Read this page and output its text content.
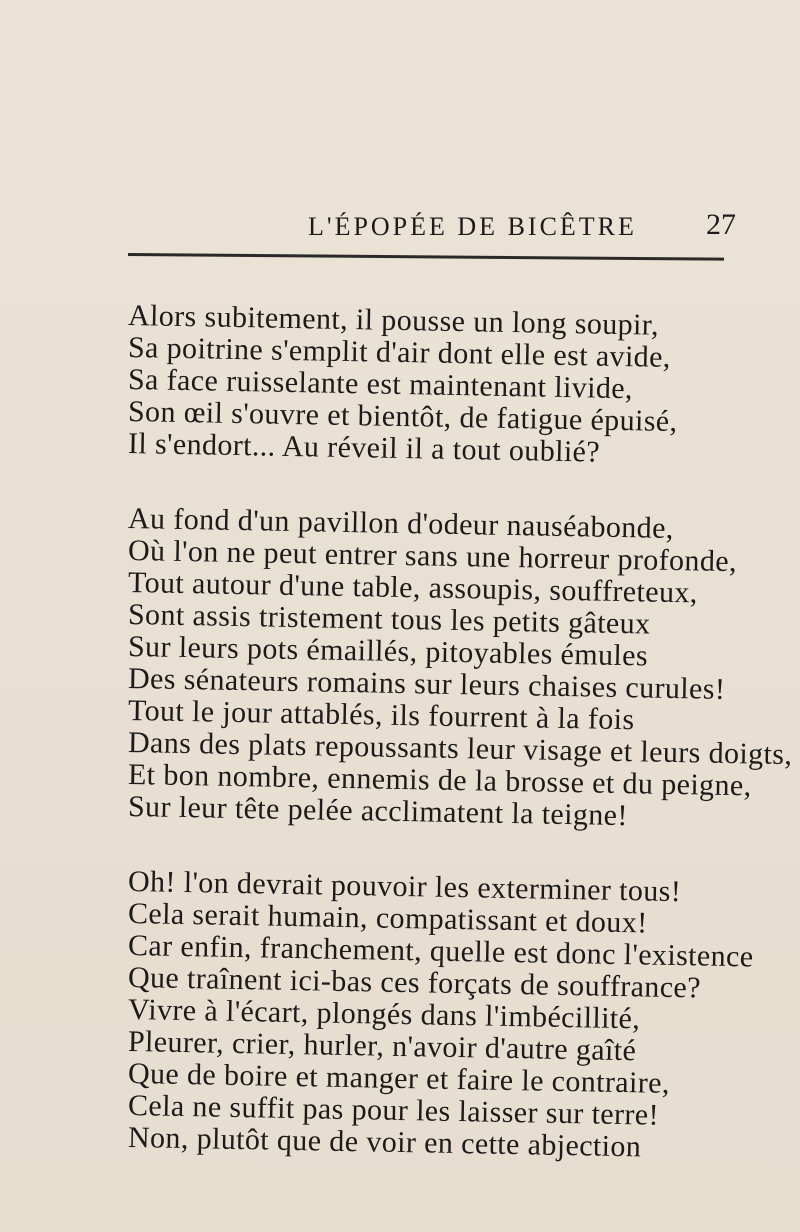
L'ÉPOPÉE DE BICÊTRE 27
Alors subitement, il pousse un long soupir,
Sa poitrine s'emplit d'air dont elle est avide,
Sa face ruisselante est maintenant livide,
Son œil s'ouvre et bientôt, de fatigue épuisé,
Il s'endort... Au réveil il a tout oublié?
Au fond d'un pavillon d'odeur nauséabonde,
Où l'on ne peut entrer sans une horreur profonde,
Tout autour d'une table, assoupis, souffreteux,
Sont assis tristement tous les petits gâteux
Sur leurs pots émaillés, pitoyables émules
Des sénateurs romains sur leurs chaises curules!
Tout le jour attablés, ils fourrent à la fois
Dans des plats repoussants leur visage et leurs doigts,
Et bon nombre, ennemis de la brosse et du peigne,
Sur leur tête pelée acclimatent la teigne!
Oh! l'on devrait pouvoir les exterminer tous!
Cela serait humain, compatissant et doux!
Car enfin, franchement, quelle est donc l'existence
Que traînent ici-bas ces forçats de souffrance?
Vivre à l'écart, plongés dans l'imbécillité,
Pleurer, crier, hurler, n'avoir d'autre gaîté
Que de boire et manger et faire le contraire,
Cela ne suffit pas pour les laisser sur terre!
Non, plutôt que de voir en cette abjection
